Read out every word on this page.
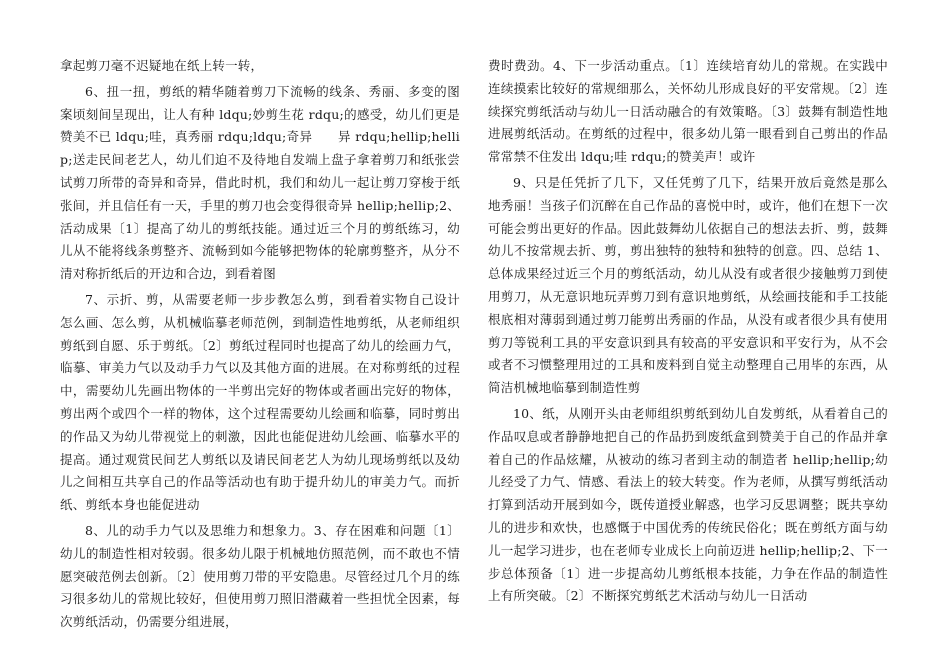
拿起剪刀毫不迟疑地在纸上转一转，

6、扭一扭，剪纸的精华随着剪刀下流畅的线条、秀丽、多变的图案顷刻间呈现出，让人有种 ldqu;妙剪生花 rdqu;的感受，幼儿们更是赞美不已 ldqu;哇，真秀丽 rdqu;ldqu;奇异　　异 rdqu;hellip;hellip;送走民间老艺人，幼儿们迫不及待地自发端上盘子拿着剪刀和纸张尝试剪刀所带的奇异和奇异，借此时机，我们和幼儿一起让剪刀穿梭于纸张间，并且信任有一天，手里的剪刀也会变得很奇异 hellip;hellip;2、活动成果〔1〕提高了幼儿的剪纸技能。通过近三个月的剪纸练习，幼儿从不能将线条剪整齐、流畅到如今能够把物体的轮廓剪整齐，从分不清对称折纸后的开边和合边，到看着图

7、示折、剪，从需要老师一步步教怎么剪，到看着实物自己设计怎么画、怎么剪，从机械临摹老师范例，到制造性地剪纸，从老师组织剪纸到自愿、乐于剪纸。〔2〕剪纸过程同时也提高了幼儿的绘画力气，临摹、审美力气以及动手力气以及其他方面的进展。在对称剪纸的过程中，需要幼儿先画出物体的一半剪出完好的物体或者画出完好的物体，剪出两个或四个一样的物体，这个过程需要幼儿绘画和临摹，同时剪出的作品又为幼儿带视觉上的刺激，因此也能促进幼儿绘画、临摹水平的提高。通过观赏民间艺人剪纸以及请民间老艺人为幼儿现场剪纸以及幼儿之间相互共享自己的作品等活动也有助于提升幼儿的审美力气。而折纸、剪纸本身也能促进动

8、儿的动手力气以及思维力和想象力。3、存在困难和问题〔1〕幼儿的制造性相对较弱。很多幼儿限于机械地仿照范例，而不敢也不情愿突破范例去创新。〔2〕使用剪刀带的平安隐患。尽管经过几个月的练习很多幼儿的常规比较好，但使用剪刀照旧潜藏着一些担忧全因素，每次剪纸活动，仍需要分组进展，

费时费劲。4、下一步活动重点。〔1〕连续培育幼儿的常规。在实践中连续摸索比较好的常规细那么，关怀幼儿形成良好的平安常规。〔2〕连续探究剪纸活动与幼儿一日活动融合的有效策略。〔3〕鼓舞有制造性地进展剪纸活动。在剪纸的过程中，很多幼儿第一眼看到自己剪出的作品常常禁不住发出 ldqu;哇 rdqu;的赞美声！或许

9、只是任凭折了几下，又任凭剪了几下，结果开放后竟然是那么地秀丽！当孩子们沉醉在自己作品的喜悦中时，或许，他们在想下一次可能会剪出更好的作品。因此鼓舞幼儿依据自己的想法去折、剪，鼓舞幼儿不按常规去折、剪，剪出独特的独特和独特的创意。四、总结 1、总体成果经过近三个月的剪纸活动，幼儿从没有或者很少接触剪刀到使用剪刀，从无意识地玩弄剪刀到有意识地剪纸，从绘画技能和手工技能根底相对薄弱到通过剪刀能剪出秀丽的作品，从没有或者很少具有使用剪刀等锐利工具的平安意识到具有较高的平安意识和平安行为，从不会或者不习惯整理用过的工具和废料到自觉主动整理自己用毕的东西，从简洁机械地临摹到制造性剪

10、纸，从刚开头由老师组织剪纸到幼儿自发剪纸，从看着自己的作品叹息或者静静地把自己的作品扔到废纸盒到赞美于自己的作品并拿着自己的作品炫耀，从被动的练习者到主动的制造者 hellip;hellip;幼儿经受了力气、情感、看法上的较大转变。作为老师，从撰写剪纸活动打算到活动开展到如今，既传道授业解惑，也学习反思调整；既共享幼儿的进步和欢快，也感慨于中国优秀的传统民俗化；既在剪纸方面与幼儿一起学习进步，也在老师专业成长上向前迈进 hellip;hellip;2、下一步总体预备〔1〕进一步提高幼儿剪纸根本技能，力争在作品的制造性上有所突破。〔2〕不断探究剪纸艺术活动与幼儿一日活动
